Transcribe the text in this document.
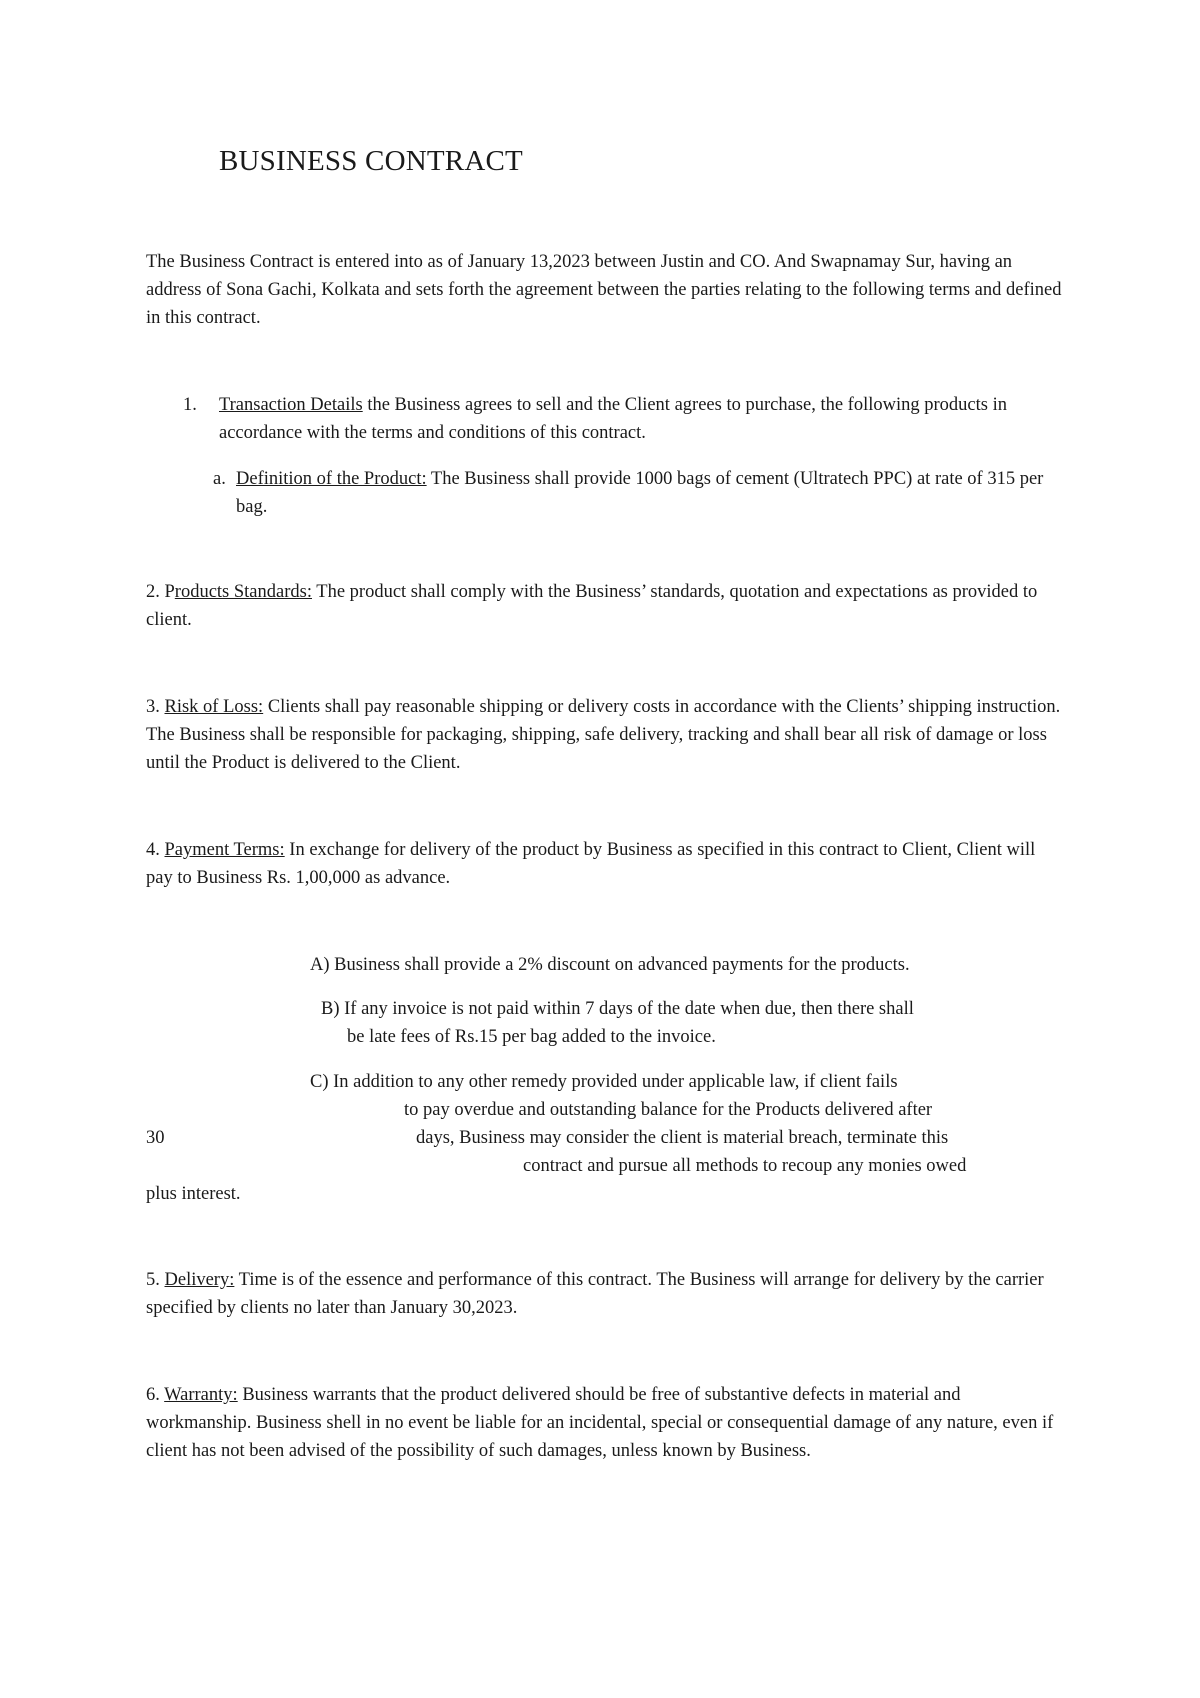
BUSINESS CONTRACT

The Business Contract is entered into as of January 13,2023 between Justin and CO. And Swapnamay Sur, having an address of Sona Gachi, Kolkata and sets forth the agreement between the parties relating to the following terms and defined in this contract.

1. Transaction Details the Business agrees to sell and the Client agrees to purchase, the following products in accordance with the terms and conditions of this contract.
a. Definition of the Product: The Business shall provide 1000 bags of cement (Ultratech PPC) at rate of 315 per bag.

2. Products Standards: The product shall comply with the Business’ standards, quotation and expectations as provided to client.

3. Risk of Loss: Clients shall pay reasonable shipping or delivery costs in accordance with the Clients’ shipping instruction. The Business shall be responsible for packaging, shipping, safe delivery, tracking and shall bear all risk of damage or loss until the Product is delivered to the Client.

4. Payment Terms: In exchange for delivery of the product by Business as specified in this contract to Client, Client will pay to Business Rs. 1,00,000 as advance.

A) Business shall provide a 2% discount on advanced payments for the products.

B) If any invoice is not paid within 7 days of the date when due, then there shall

be late fees of Rs.15 per bag added to the invoice.

C) In addition to any other remedy provided under applicable law, if client fails

to pay overdue and outstanding balance for the Products delivered after

30	days, Business may consider the client is material breach, terminate this

contract and pursue all methods to recoup any monies owed

plus interest.

5. Delivery: Time is of the essence and performance of this contract. The Business will arrange for delivery by the carrier specified by clients no later than January 30,2023.

6. Warranty: Business warrants that the product delivered should be free of substantive defects in material and workmanship. Business shell in no event be liable for an incidental, special or consequential damage of any nature, even if client has not been advised of the possibility of such damages, unless known by Business.
